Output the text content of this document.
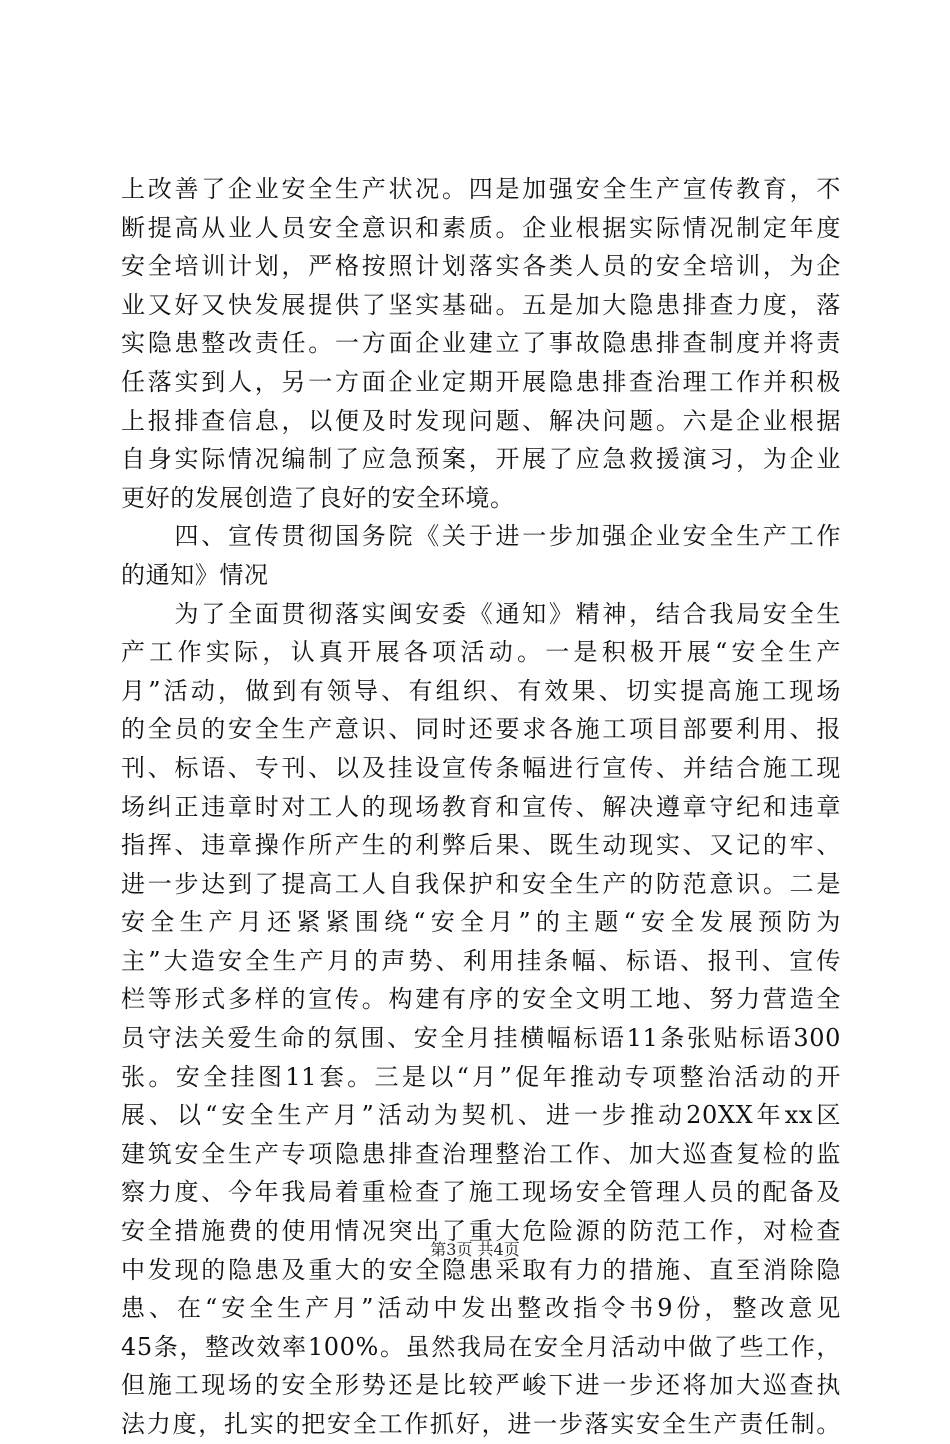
上改善了企业安全生产状况。四是加强安全生产宣传教育，不
断提高从业人员安全意识和素质。企业根据实际情况制定年度
安全培训计划，严格按照计划落实各类人员的安全培训，为企
业又好又快发展提供了坚实基础。五是加大隐患排查力度，落
实隐患整改责任。一方面企业建立了事故隐患排查制度并将责
任落实到人，另一方面企业定期开展隐患排查治理工作并积极
上报排查信息，以便及时发现问题、解决问题。六是企业根据
自身实际情况编制了应急预案，开展了应急救援演习，为企业
更好的发展创造了良好的安全环境。
　　四、宣传贯彻国务院《关于进一步加强企业安全生产工作
的通知》情况
　　为了全面贯彻落实闽安委《通知》精神，结合我局安全生
产工作实际，认真开展各项活动。一是积极开展“安全生产
月”活动，做到有领导、有组织、有效果、切实提高施工现场
的全员的安全生产意识、同时还要求各施工项目部要利用、报
刊、标语、专刊、以及挂设宣传条幅进行宣传、并结合施工现
场纠正违章时对工人的现场教育和宣传、解决遵章守纪和违章
指挥、违章操作所产生的利弊后果、既生动现实、又记的牢、
进一步达到了提高工人自我保护和安全生产的防范意识。二是
安全生产月还紧紧围绕“安全月”的主题“安全发展预防为
主”大造安全生产月的声势、利用挂条幅、标语、报刊、宣传
栏等形式多样的宣传。构建有序的安全文明工地、努力营造全
员守法关爱生命的氛围、安全月挂横幅标语11条张贴标语300
张。安全挂图11套。三是以“月”促年推动专项整治活动的开
展、以“安全生产月”活动为契机、进一步推动20XX年xx区
建筑安全生产专项隐患排查治理整治工作、加大巡查复检的监
察力度、今年我局着重检查了施工现场安全管理人员的配备及
安全措施费的使用情况突出了重大危险源的防范工作，对检查
中发现的隐患及重大的安全隐患采取有力的措施、直至消除隐
患、在“安全生产月”活动中发出整改指令书9份，整改意见
45条，整改效率100%。虽然我局在安全月活动中做了些工作，
但施工现场的安全形势还是比较严峻下进一步还将加大巡查执
法力度，扎实的把安全工作抓好，进一步落实安全生产责任制。
第3页 共4页
